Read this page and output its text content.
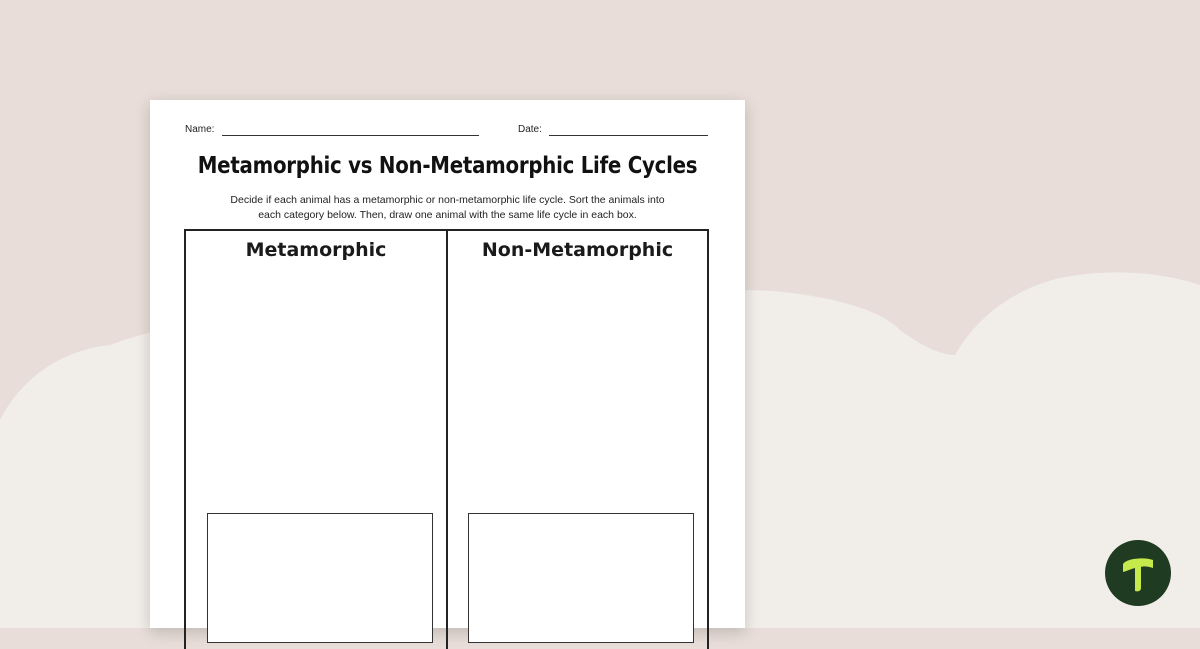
Name:	Date:
Metamorphic vs Non-Metamorphic Life Cycles
Decide if each animal has a metamorphic or non-metamorphic life cycle. Sort the animals into
each category below. Then, draw one animal with the same life cycle in each box.
Metamorphic	Non-Metamorphic
